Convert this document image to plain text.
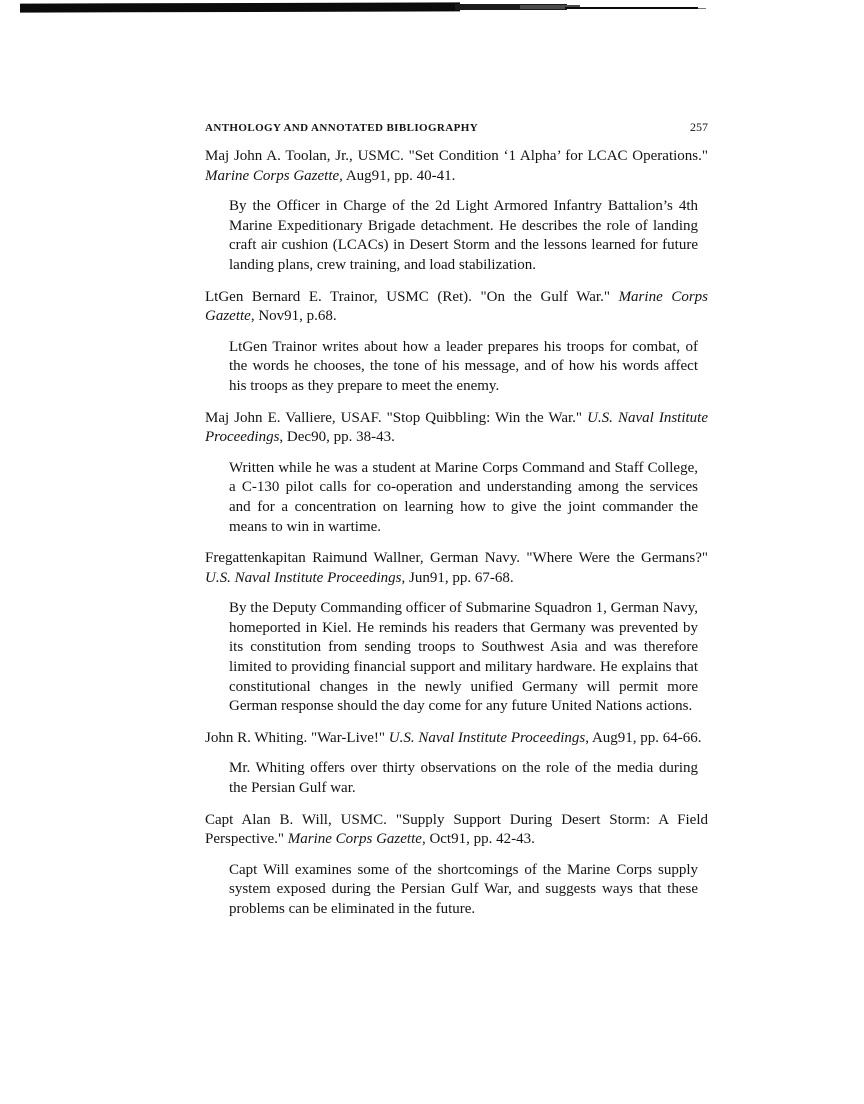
ANTHOLOGY AND ANNOTATED BIBLIOGRAPHY	257

Maj John A. Toolan, Jr., USMC. "Set Condition ‘1 Alpha’ for LCAC Operations." Marine Corps Gazette, Aug91, pp. 40-41.

By the Officer in Charge of the 2d Light Armored Infantry Battalion’s 4th Marine Expeditionary Brigade detachment. He describes the role of landing craft air cushion (LCACs) in Desert Storm and the lessons learned for future landing plans, crew training, and load stabilization.

LtGen Bernard E. Trainor, USMC (Ret). "On the Gulf War." Marine Corps Gazette, Nov91, p.68.

LtGen Trainor writes about how a leader prepares his troops for combat, of the words he chooses, the tone of his message, and of how his words affect his troops as they prepare to meet the enemy.

Maj John E. Valliere, USAF. "Stop Quibbling: Win the War." U.S. Naval Institute Proceedings, Dec90, pp. 38-43.

Written while he was a student at Marine Corps Command and Staff College, a C-130 pilot calls for co-operation and understanding among the services and for a concentration on learning how to give the joint commander the means to win in wartime.

Fregattenkapitan Raimund Wallner, German Navy. "Where Were the Germans?" U.S. Naval Institute Proceedings, Jun91, pp. 67-68.

By the Deputy Commanding officer of Submarine Squadron 1, German Navy, homeported in Kiel. He reminds his readers that Germany was prevented by its constitution from sending troops to Southwest Asia and was therefore limited to providing financial support and military hardware. He explains that constitutional changes in the newly unified Germany will permit more German response should the day come for any future United Nations actions.

John R. Whiting. "War-Live!" U.S. Naval Institute Proceedings, Aug91, pp. 64-66.

Mr. Whiting offers over thirty observations on the role of the media during the Persian Gulf war.

Capt Alan B. Will, USMC. "Supply Support During Desert Storm: A Field Perspective." Marine Corps Gazette, Oct91, pp. 42-43.

Capt Will examines some of the shortcomings of the Marine Corps supply system exposed during the Persian Gulf War, and suggests ways that these problems can be eliminated in the future.
